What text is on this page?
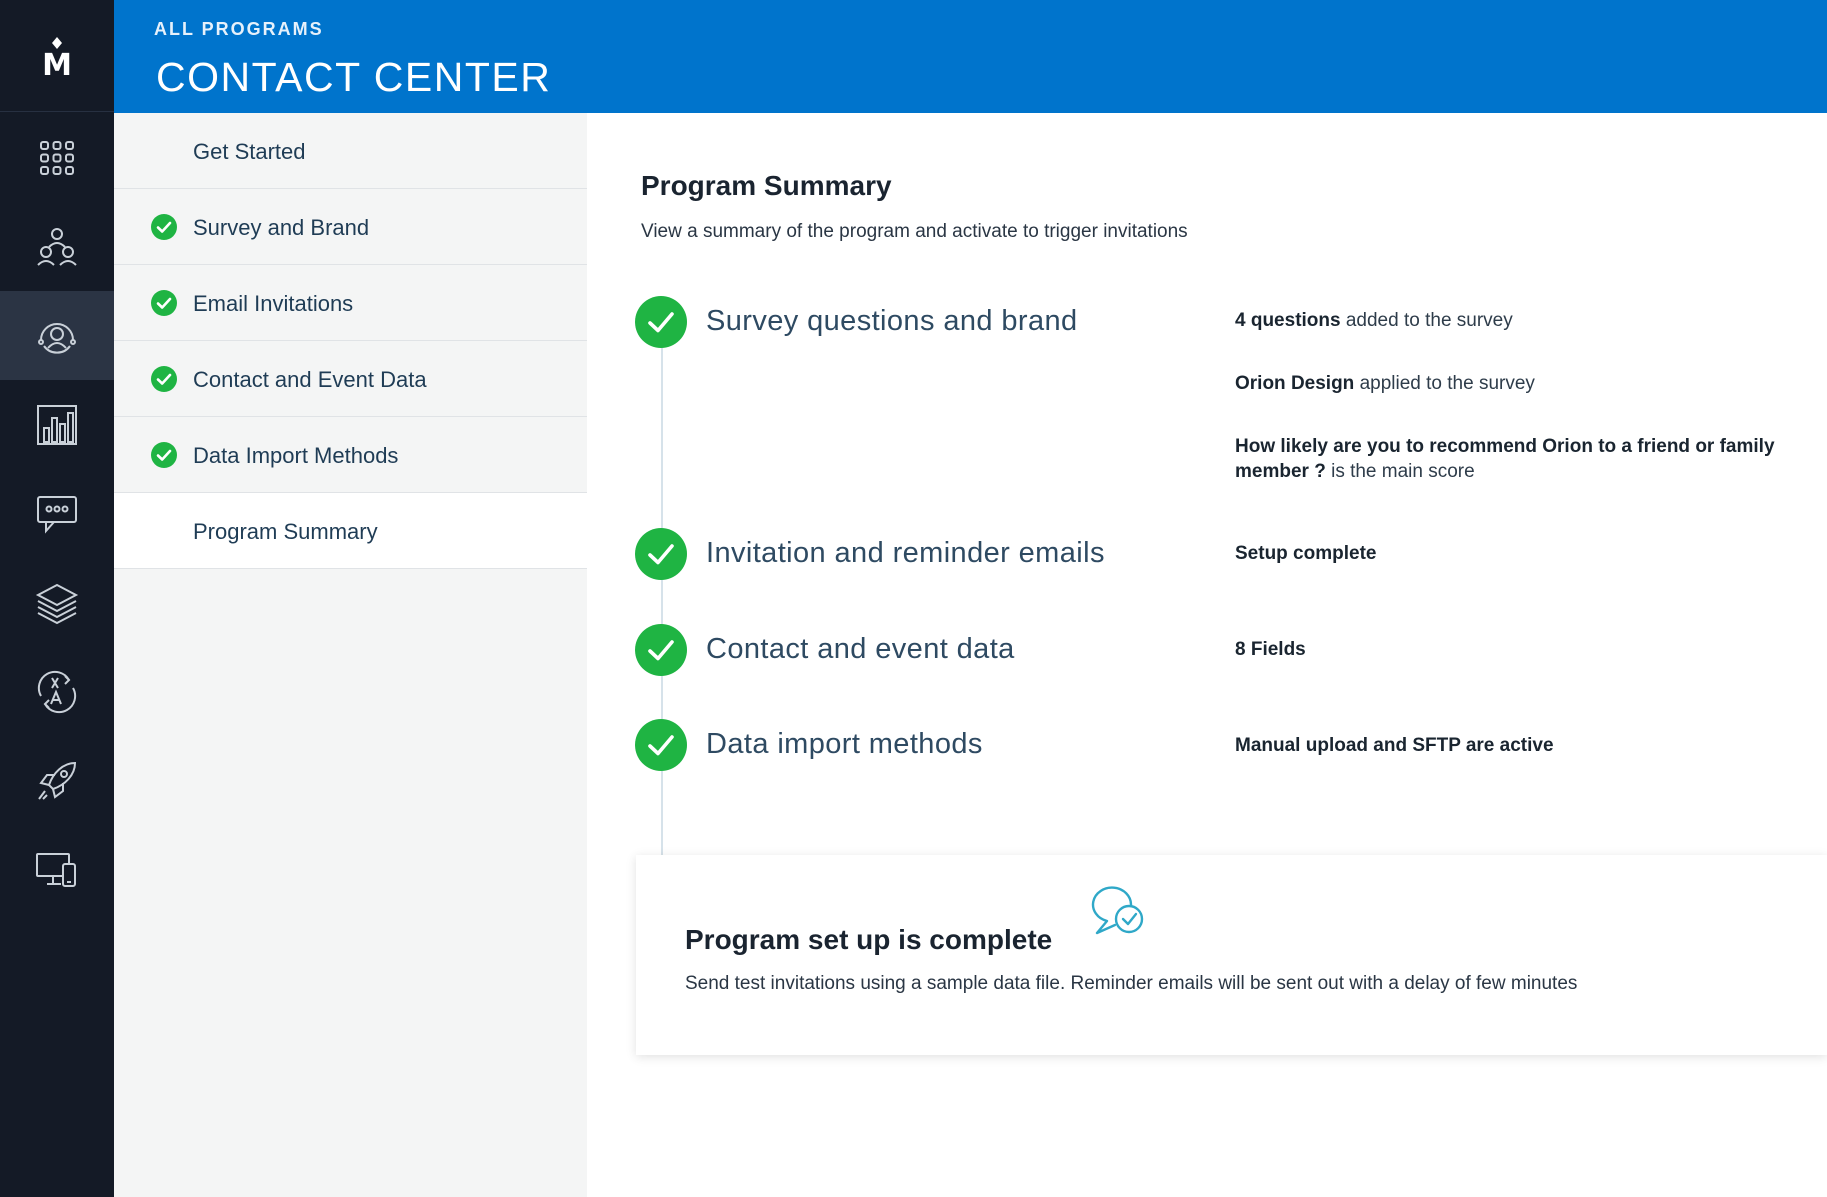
M
ALL PROGRAMS
CONTACT CENTER
Get Started
Survey and Brand
Email Invitations
Contact and Event Data
Data Import Methods
Program Summary
Program Summary
View a summary of the program and activate to trigger invitations
Survey questions and brand	4 questions added to the survey
Orion Design applied to the survey
How likely are you to recommend Orion to a friend or family member ? is the main score
Invitation and reminder emails	Setup complete
Contact and event data	8 Fields
Data import methods	Manual upload and SFTP are active
Program set up is complete
Send test invitations using a sample data file. Reminder emails will be sent out with a delay of few minutes
